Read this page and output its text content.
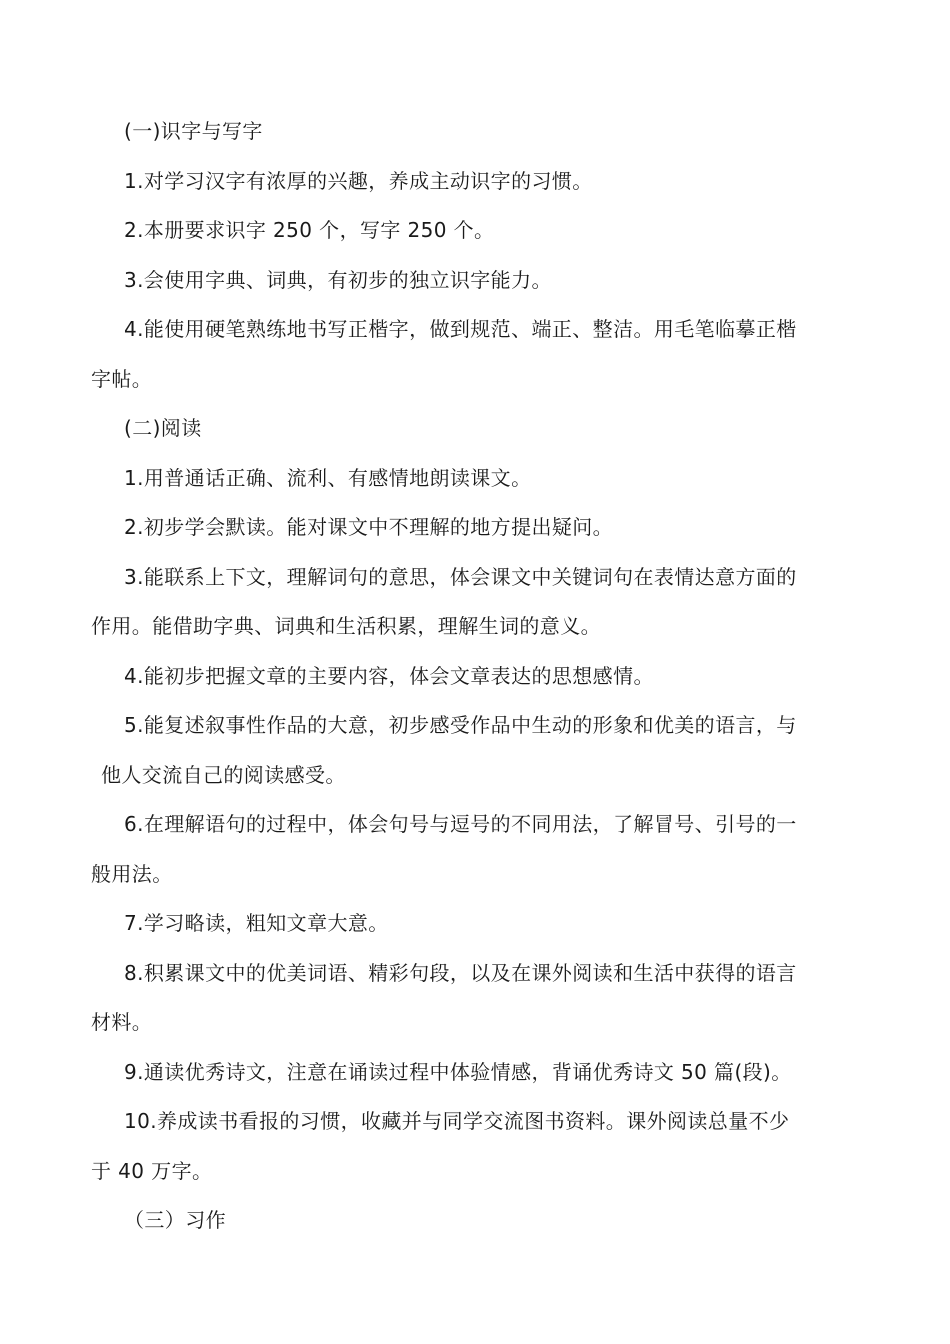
(一)识字与写字
1.对学习汉字有浓厚的兴趣，养成主动识字的习惯。
2.本册要求识字 250 个，写字 250 个。
3.会使用字典、词典，有初步的独立识字能力。
4.能使用硬笔熟练地书写正楷字，做到规范、端正、整洁。用毛笔临摹正楷
字帖。
(二)阅读
1.用普通话正确、流利、有感情地朗读课文。
2.初步学会默读。能对课文中不理解的地方提出疑问。
3.能联系上下文，理解词句的意思，体会课文中关键词句在表情达意方面的
作用。能借助字典、词典和生活积累，理解生词的意义。
4.能初步把握文章的主要内容，体会文章表达的思想感情。
5.能复述叙事性作品的大意，初步感受作品中生动的形象和优美的语言，与
他人交流自己的阅读感受。
6.在理解语句的过程中，体会句号与逗号的不同用法，了解冒号、引号的一
般用法。
7.学习略读，粗知文章大意。
8.积累课文中的优美词语、精彩句段，以及在课外阅读和生活中获得的语言
材料。
9.通读优秀诗文，注意在诵读过程中体验情感，背诵优秀诗文 50 篇(段)。
10.养成读书看报的习惯，收藏并与同学交流图书资料。课外阅读总量不少
于 40 万字。
（三）习作
